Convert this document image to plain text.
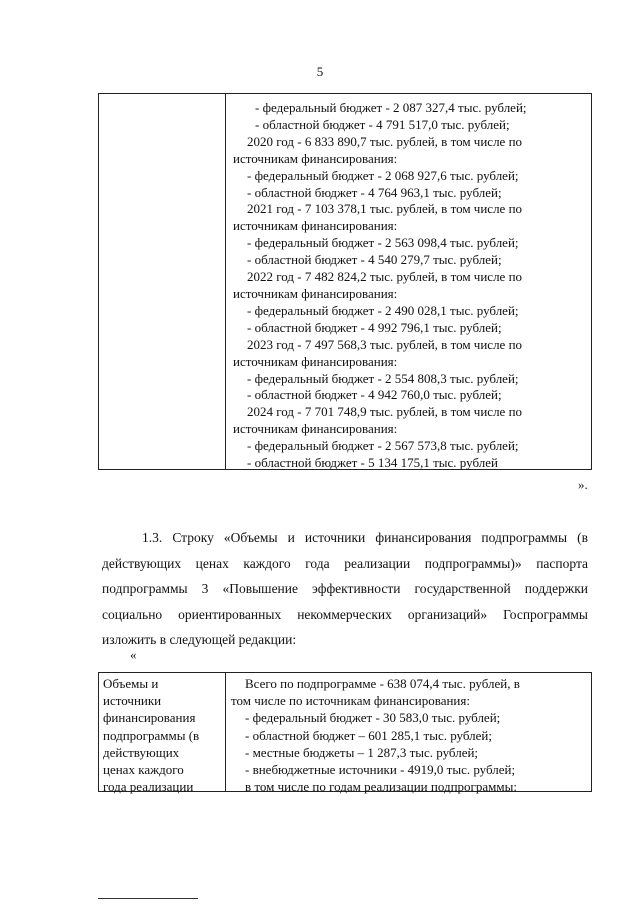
5
- федеральный бюджет - 2 087 327,4 тыс. рублей;
- областной бюджет - 4 791 517,0 тыс. рублей;
2020 год - 6 833 890,7 тыс. рублей, в том числе по
источникам финансирования:
- федеральный бюджет - 2 068 927,6 тыс. рублей;
- областной бюджет - 4 764 963,1 тыс. рублей;
2021 год - 7 103 378,1 тыс. рублей, в том числе по
источникам финансирования:
- федеральный бюджет - 2 563 098,4 тыс. рублей;
- областной бюджет - 4 540 279,7 тыс. рублей;
2022 год - 7 482 824,2 тыс. рублей, в том числе по
источникам финансирования:
- федеральный бюджет - 2 490 028,1 тыс. рублей;
- областной бюджет - 4 992 796,1 тыс. рублей;
2023 год - 7 497 568,3 тыс. рублей, в том числе по
источникам финансирования:
- федеральный бюджет - 2 554 808,3 тыс. рублей;
- областной бюджет - 4 942 760,0 тыс. рублей;
2024 год - 7 701 748,9 тыс. рублей, в том числе по
источникам финансирования:
- федеральный бюджет - 2 567 573,8 тыс. рублей;
- областной бюджет - 5 134 175,1 тыс. рублей
».
1.3. Строку «Объемы и источники финансирования подпрограммы (в действующих ценах каждого года реализации подпрограммы)» паспорта подпрограммы 3 «Повышение эффективности государственной поддержки социально ориентированных некоммерческих организаций» Госпрограммы изложить в следующей редакции:
«
Объемы и
источники
финансирования
подпрограммы (в
действующих
ценах каждого
года реализации
Всего по подпрограмме - 638 074,4 тыс. рублей, в
том числе по источникам финансирования:
- федеральный бюджет - 30 583,0 тыс. рублей;
- областной бюджет – 601 285,1 тыс. рублей;
- местные бюджеты – 1 287,3 тыс. рублей;
- внебюджетные источники - 4919,0 тыс. рублей;
в том числе по годам реализации подпрограммы:
